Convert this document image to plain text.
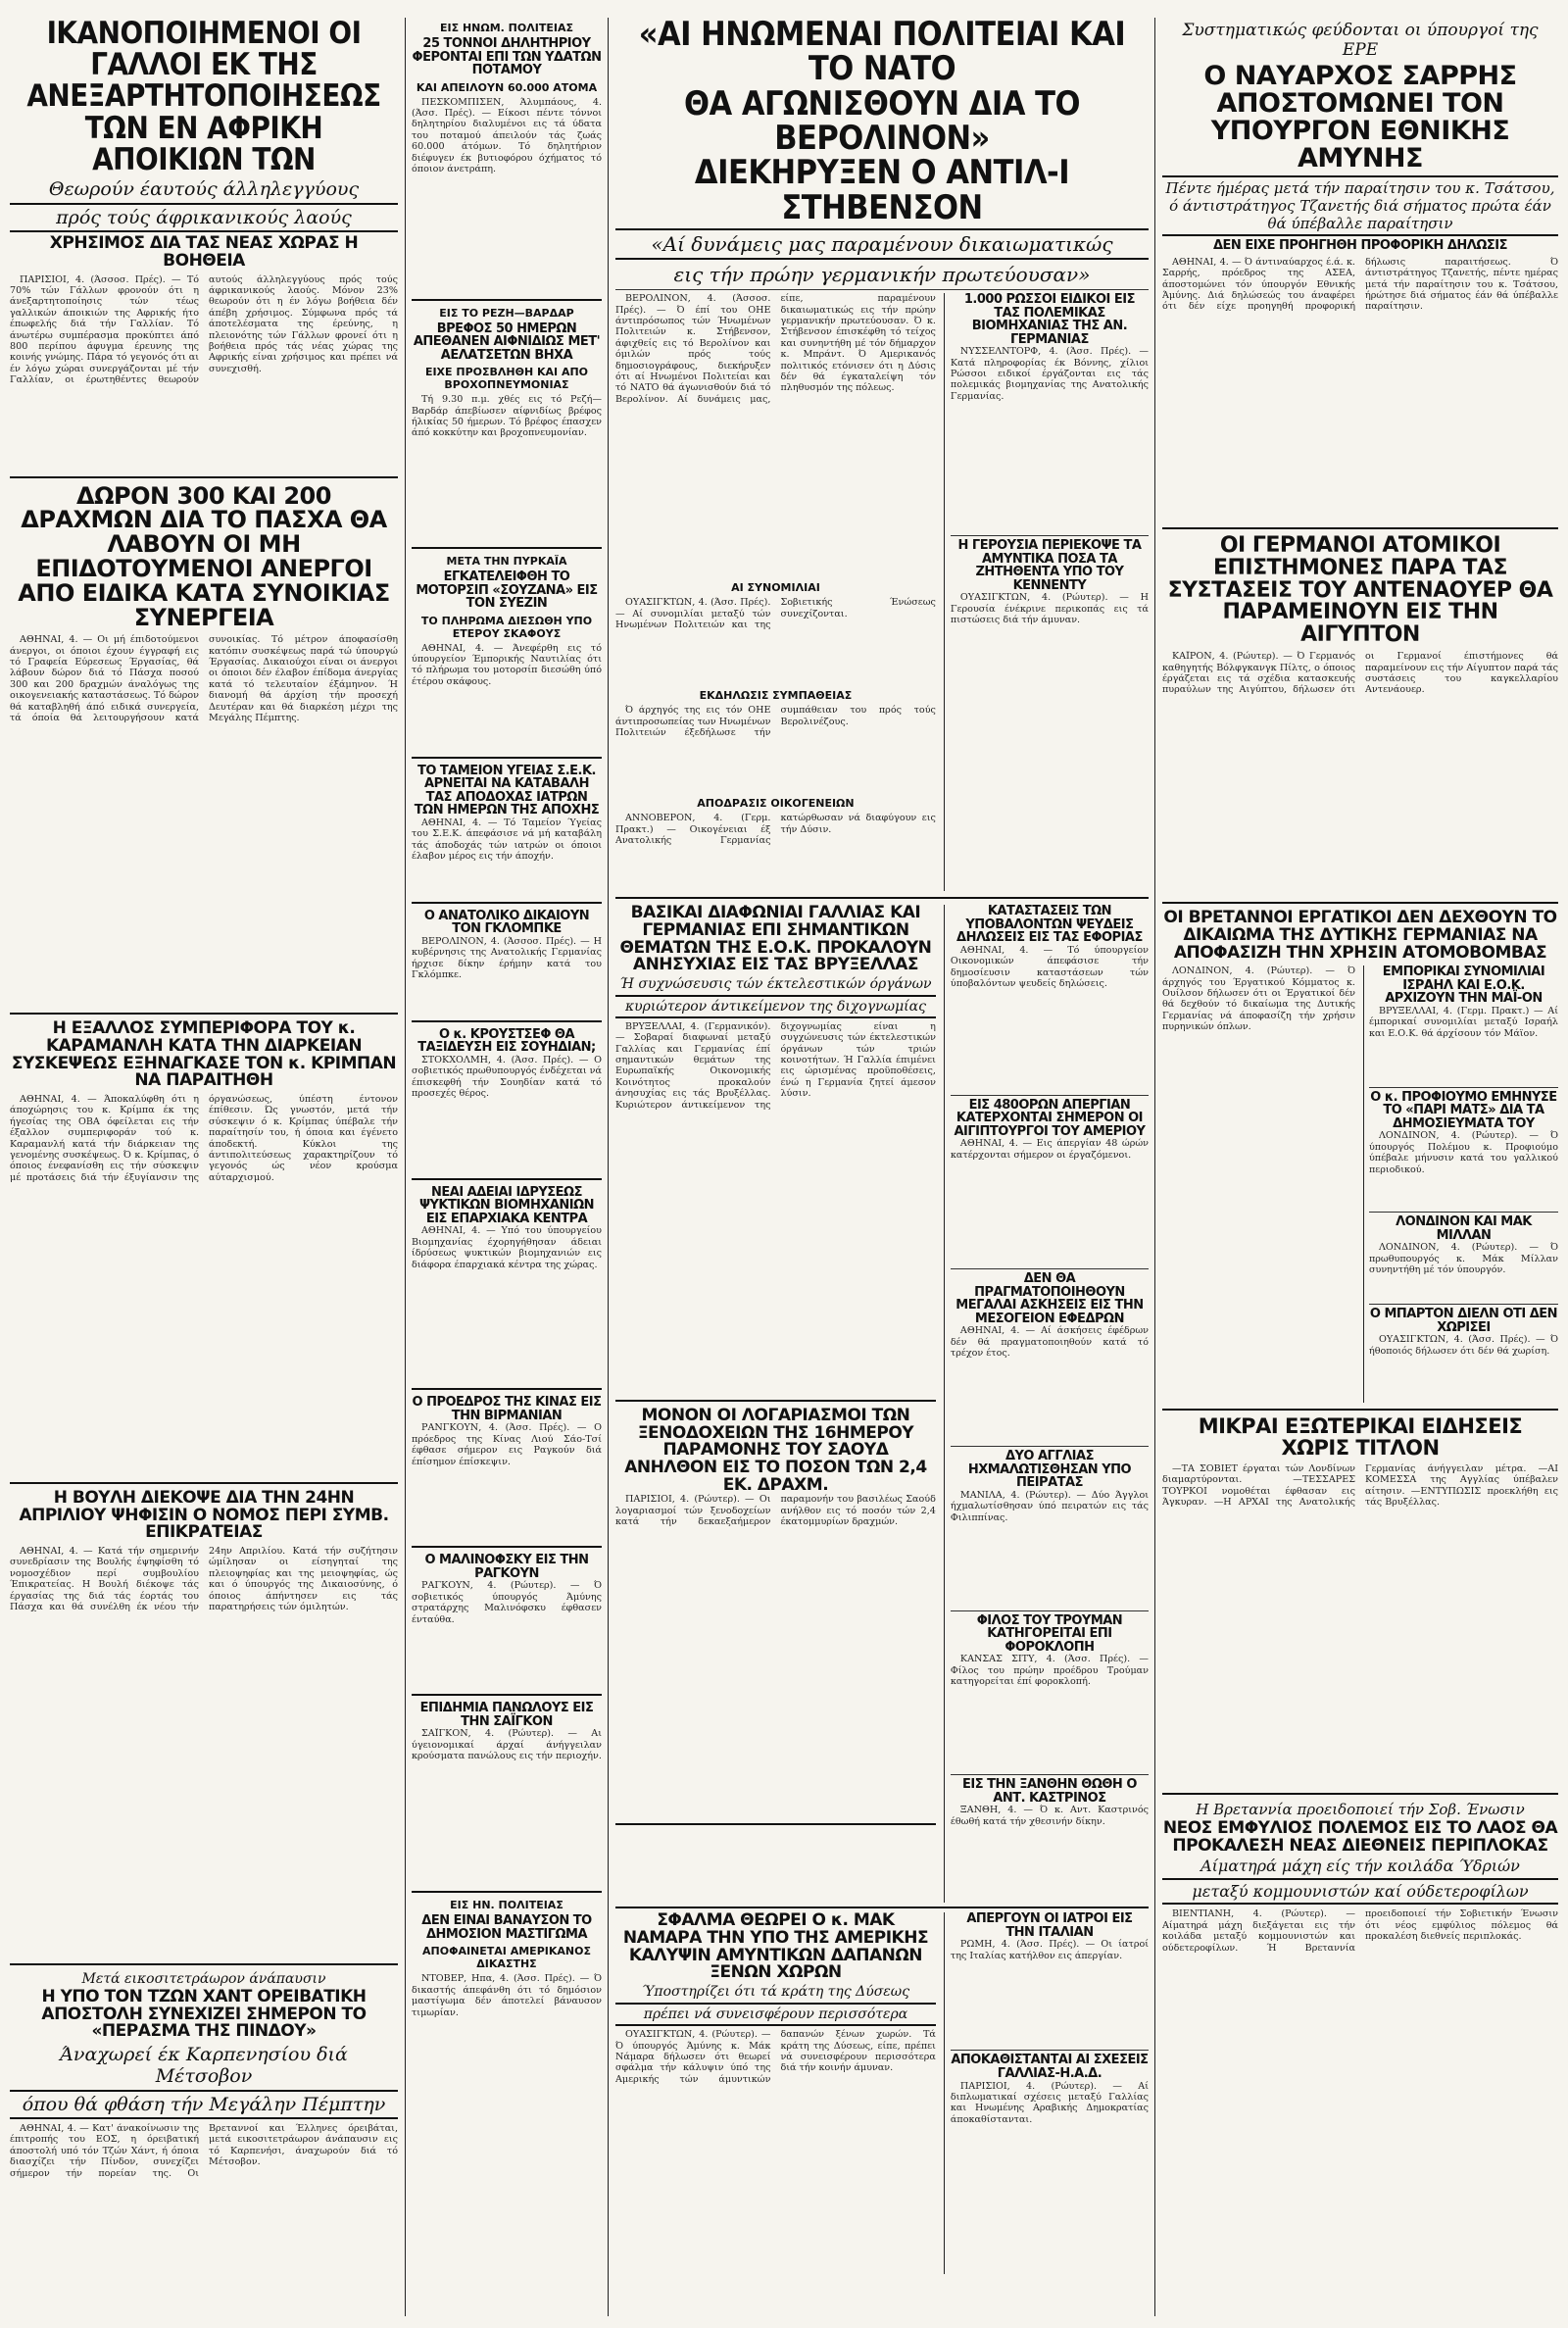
ΙΚΑΝΟΠΟΙΗΜΕΝΟΙ ΟΙ ΓΑΛΛΟΙ ΕΚ ΤΗΣ ΑΝΕΞΑΡΤΗΤΟΠΟΙΗΣΕΩΣ ΤΩΝ ΕΝ ΑΦΡΙΚΗ ΑΠΟΙΚΙΩΝ ΤΩΝ
Θεωρούν έαυτούς άλληλεγγύους
πρός τούς άφρικανικούς λαούς
ΧΡΗΣΙΜΟΣ ΔΙΑ ΤΑΣ ΝΕΑΣ ΧΩΡΑΣ Η ΒΟΗΘΕΙΑ

ΠΑΡΙΣΙΟΙ, 4. (Άσσοσ. Πρές). — Τό 70% τών Γάλλων φρονούν ότι η άνεξαρτητοποίησις τών τέως γαλλικών άποικιών της Αφρικής ήτο έπωφελής διά τήν Γαλλίαν. Τό άνωτέρω συμπέρασμα προκύπτει άπό 800 περίπου άφυγμα έρευνης της κοινής γνώμης. Πάρα τό γεγονός ότι αι έν λόγω χώραι συνεργάζονται μέ τήν Γαλλίαν, οι έρωτηθέντες θεωρούν αυτούς άλληλεγγύους πρός τούς άφρικανικούς λαούς. Μόνον 23% θεωρούν ότι η έν λόγω βοήθεια δέν άπέβη χρήσιμος. Σύμφωνα πρός τά άποτελέσματα της έρεύνης, η πλειονότης τών Γάλλων φρονεί ότι η βοήθεια πρός τάς νέας χώρας της Αφρικής είναι χρήσιμος και πρέπει νά συνεχισθή.

ΔΩΡΟΝ 300 ΚΑΙ 200 ΔΡΑΧΜΩΝ ΔΙΑ ΤΟ ΠΑΣΧΑ ΘΑ ΛΑΒΟΥΝ ΟΙ ΜΗ ΕΠΙΔΟΤΟΥΜΕΝΟΙ ΑΝΕΡΓΟΙ ΑΠΟ ΕΙΔΙΚΑ ΚΑΤΑ ΣΥΝΟΙΚΙΑΣ ΣΥΝΕΡΓΕΙΑ

ΑΘΗΝΑΙ, 4. — Οι μή έπιδοτούμενοι άνεργοι, οι όποιοι έχουν έγγραφή εις τό Γραφεία Εύρεσεως Έργασίας, θά λάβουν δώρον διά τό Πάσχα ποσού 300 και 200 δραχμών άναλόγως της οικογενειακής καταστάσεως. Τό δώρον θά καταβληθή άπό ειδικά συνεργεία, τά όποία θά λειτουργήσουν κατά συνοικίας. Τό μέτρον άποφασίσθη κατόπιν συσκέψεως παρά τώ ύπουργώ Έργασίας. Δικαιούχοι είναι οι άνεργοι οι όποιοι δέν έλαβον έπίδομα άνεργίας κατά τό τελευταίον έξάμηνον. Ή διανομή θά άρχίση τήν προσεχή Δευτέραν και θά διαρκέση μέχρι της Μεγάλης Πέμπτης.

Η ΕΞΑΛΛΟΣ ΣΥΜΠΕΡΙΦΟΡΑ ΤΟΥ κ. ΚΑΡΑΜΑΝΛΗ ΚΑΤΑ ΤΗΝ ΔΙΑΡΚΕΙΑΝ ΣΥΣΚΕΨΕΩΣ ΕΞΗΝΑΓΚΑΣΕ ΤΟΝ κ. ΚΡΙΜΠΑΝ ΝΑ ΠΑΡΑΙΤΗΘΗ

ΑΘΗΝΑΙ, 4. — Άποκαλύφθη ότι η άποχώρησις του κ. Κρίμπα έκ της ήγεσίας της ΟΒΑ όφείλεται εις τήν έξαλλον συμπεριφοράν τού κ. Καραμανλή κατά τήν διάρκειαν της γενομένης συσκέψεως. Ό κ. Κρίμπας, ό όποιος ένεφανίσθη εις τήν σύσκεψιν μέ προτάσεις διά τήν έξυγίανσιν της όργανώσεως, ύπέστη έντονον έπίθεσιν. Ώς γνωστόν, μετά τήν σύσκεψιν ό κ. Κρίμπας ύπέβαλε τήν παραίτησίν του, ή όποια και έγένετο άποδεκτή. Κύκλοι της άντιπολιτεύσεως χαρακτηρίζουν τό γεγονός ώς νέον κρούσμα αύταρχισμού.

Η ΒΟΥΛΗ ΔΙΕΚΟΨΕ ΔΙΑ ΤΗΝ 24ΗΝ ΑΠΡΙΛΙΟΥ ΨΗΦΙΣΙΝ Ο ΝΟΜΟΣ ΠΕΡΙ ΣΥΜΒ. ΕΠΙΚΡΑΤΕΙΑΣ

ΑΘΗΝΑΙ, 4. — Κατά τήν σημερινήν συνεδρίασιν της Βουλής έψηφίσθη τό νομοσχέδιον περί συμβουλίου Έπικρατείας. Η Βουλή διέκοψε τάς έργασίας της διά τάς έορτάς του Πάσχα και θά συνέλθη έκ νέου τήν 24ην Απριλίου. Κατά τήν συζήτησιν ώμίλησαν οι είσηγηταί της πλειοψηφίας και της μειοψηφίας, ώς και ό ύπουργός της Δικαιοσύνης, ό όποιος άπήντησεν εις τάς παρατηρήσεις τών όμιλητών.

Μετά εικοσιτετράωρον άνάπαυσιν
Η ΥΠΟ ΤΟΝ ΤΖΩΝ ΧΑΝΤ ΟΡΕΙΒΑΤΙΚΗ ΑΠΟΣΤΟΛΗ ΣΥΝΕΧΙΖΕΙ ΣΗΜΕΡΟΝ ΤΟ «ΠΕΡΑΣΜΑ ΤΗΣ ΠΙΝΔΟΥ»
Άναχωρεί έκ Καρπενησίου διά Μέτσοβον
όπου θά φθάση τήν Μεγάλην Πέμπτην

ΑΘΗΝΑΙ, 4. — Κατ' άνακοίνωσιν της έπιτροπής του ΕΟΣ, η όρειβατική άποστολή υπό τόν Τζών Χάντ, ή όποια διασχίζει τήν Πίνδον, συνεχίζει σήμερον τήν πορείαν της. Οι Βρεταννοί και Έλληνες όρειβάται, μετά εικοσιτετράωρον άνάπαυσιν εις τό Καρπενήσι, άναχωρούν διά τό Μέτσοβον.

ΕΙΣ ΗΝΩΜ. ΠΟΛΙΤΕΙΑΣ
25 ΤΟΝΝΟΙ ΔΗΛΗΤΗΡΙΟΥ ΦΕΡΟΝΤΑΙ ΕΠΙ ΤΩΝ ΥΔΑΤΩΝ ΠΟΤΑΜΟΥ
ΚΑΙ ΑΠΕΙΛΟΥΝ 60.000 ΑΤΟΜΑ

ΠΕΣΚΟΜΠΙΣΕΝ, Άλυμπάους, 4. (Άσσ. Πρές). — Είκοσι πέντε τόννοι δηλητηρίου διαλυμένοι εις τά ύδατα του ποταμού άπειλούν τάς ζωάς 60.000 άτόμων. Τό δηλητήριον διέφυγεν έκ βυτιοφόρου όχήματος τό όποιον άνετράπη.

ΕΙΣ ΤΟ ΡΕΖΗ—ΒΑΡΔΑΡ
ΒΡΕΦΟΣ 50 ΗΜΕΡΩΝ ΑΠΕΘΑΝΕΝ ΑΙΦΝΙΔΙΩΣ ΜΕΤ' ΑΕΛΑΤΣΕΤΩΝ ΒΗΧΑ
ΕΙΧΕ ΠΡΟΣΒΛΗΘΗ ΚΑΙ ΑΠΟ ΒΡΟΧΟΠΝΕΥΜΟΝΙΑΣ

Τή 9.30 π.μ. χθές εις τό Ρεζή—Βαρδάρ άπεβίωσεν αίφνιδίως βρέφος ήλικίας 50 ήμερων. Τό βρέφος έπασχεν άπό κοκκύτην και βροχοπνευμονίαν.

ΜΕΤΑ ΤΗΝ ΠΥΡΚΑΪΑ
ΕΓΚΑΤΕΛΕΙΦΘΗ ΤΟ ΜΟΤΟΡΣΙΠ «ΣΟΥΖΑΝΑ» ΕΙΣ ΤΟΝ ΣΥΕΖΙΝ
ΤΟ ΠΛΗΡΩΜΑ ΔΙΕΣΩΘΗ ΥΠΟ ΕΤΕΡΟΥ ΣΚΑΦΟΥΣ

ΑΘΗΝΑΙ, 4. — Άνεφέρθη εις τό ύπουργείον Έμπορικής Ναυτιλίας ότι τό πλήρωμα του μοτορσίπ διεσώθη ύπό έτέρου σκάφους.

ΤΟ ΤΑΜΕΙΟΝ ΥΓΕΙΑΣ Σ.Ε.Κ. ΑΡΝΕΙΤΑΙ ΝΑ ΚΑΤΑΒΑΛΗ ΤΑΣ ΑΠΟΔΟΧΑΣ ΙΑΤΡΩΝ ΤΩΝ ΗΜΕΡΩΝ ΤΗΣ ΑΠΟΧΗΣ

ΑΘΗΝΑΙ, 4. — Τό Ταμείον Ύγείας του Σ.Ε.Κ. άπεφάσισε νά μή καταβάλη τάς άποδοχάς τών ιατρών οι όποιοι έλαβον μέρος εις τήν άποχήν.

Ο ΑΝΑΤΟΛΙΚΟ ΔΙΚΑΙΟΥΝ ΤΟΝ ΓΚΛΟΜΠΚΕ

ΒΕΡΟΛΙΝΟΝ, 4. (Άσσοσ. Πρές). — Η κυβέρνησις της Ανατολικής Γερμανίας ήρχισε δίκην έρήμην κατά του Γκλόμπκε.

Ο κ. ΚΡΟΥΣΤΣΕΦ ΘΑ ΤΑΞΙΔΕΥΣΗ ΕΙΣ ΣΟΥΗΔΙΑΝ;

ΣΤΟΚΧΟΛΜΗ, 4. (Άσσ. Πρές). — Ο σοβιετικός πρωθυπουργός ένδέχεται νά έπισκεφθή τήν Σουηδίαν κατά τό προσεχές θέρος.

ΝΕΑΙ ΑΔΕΙΑΙ ΙΔΡΥΣΕΩΣ ΨΥΚΤΙΚΩΝ ΒΙΟΜΗΧΑΝΙΩΝ ΕΙΣ ΕΠΑΡΧΙΑΚΑ ΚΕΝΤΡΑ

ΑΘΗΝΑΙ, 4. — Υπό του ύπουργείου Βιομηχανίας έχορηγήθησαν άδειαι ίδρύσεως ψυκτικών βιομηχανιών εις διάφορα έπαρχιακά κέντρα της χώρας.

Ο ΠΡΟΕΔΡΟΣ ΤΗΣ ΚΙΝΑΣ ΕΙΣ ΤΗΝ ΒΙΡΜΑΝΙΑΝ

ΡΑΝΓΚΟΥΝ, 4. (Άσσ. Πρές). — Ο πρόεδρος της Κίνας Λιού Σάο-Τσί έφθασε σήμερον εις Ραγκούν διά έπίσημον έπίσκεψιν.

Ο ΜΑΛΙΝΟΦΣΚΥ ΕΙΣ ΤΗΝ ΡΑΓΚΟΥΝ

ΡΑΓΚΟΥΝ, 4. (Ρώυτερ). — Ό σοβιετικός ύπουργός Άμύνης στρατάρχης Μαλινόφσκυ έφθασεν ένταύθα.

ΕΠΙΔΗΜΙΑ ΠΑΝΩΛΟΥΣ ΕΙΣ ΤΗΝ ΣΑΪΓΚΟΝ

ΣΑΪΓΚΟΝ, 4. (Ρώυτερ). — Αι ύγειονομικαί άρχαί άνήγγειλαν κρούσματα πανώλους εις τήν περιοχήν.

ΕΙΣ ΗΝ. ΠΟΛΙΤΕΙΑΣ
ΔΕΝ ΕΙΝΑΙ ΒΑΝΑΥΣΟΝ ΤΟ ΔΗΜΟΣΙΟΝ ΜΑΣΤΙΓΩΜΑ
ΑΠΟΦΑΙΝΕΤΑΙ ΑΜΕΡΙΚΑΝΟΣ ΔΙΚΑΣΤΗΣ

ΝΤΟΒΕΡ, Ηπα, 4. (Άσσ. Πρές). — Ό δικαστής άπεφάνθη ότι τό δημόσιον μαστίγωμα δέν άποτελεί βάναυσον τιμωρίαν.

«ΑΙ ΗΝΩΜΕΝΑΙ ΠΟΛΙΤΕΙΑΙ ΚΑΙ ΤΟ ΝΑΤΟ
ΘΑ ΑΓΩΝΙΣΘΟΥΝ ΔΙΑ ΤΟ ΒΕΡΟΛΙΝΟΝ»
ΔΙΕΚΗΡΥΞΕΝ Ο ΑΝΤΙΛ-Ι ΣΤΗΒΕΝΣΟΝ
«Αί δυνάμεις μας παραμένουν δικαιωματικώς
εις τήν πρώην γερμανικήν πρωτεύουσαν»

ΒΕΡΟΛΙΝΟΝ, 4. (Άσσοσ. Πρές). — Ό έπί του ΟΗΕ άντιπρόσωπος τών Ήνωμένων Πολιτειών κ. Στήβενσον, άφιχθείς εις τό Βερολίνον και όμιλών πρός τούς δημοσιογράφους, διεκήρυξεν ότι αί Ηνωμένοι Πολιτείαι και τό ΝΑΤΟ θά άγωνισθούν διά τό Βερολίνον. Αί δυνάμεις μας, είπε, παραμένουν δικαιωματικώς εις τήν πρώην γερμανικήν πρωτεύουσαν. Ό κ. Στήβενσον έπισκέφθη τό τείχος και συνηντήθη μέ τόν δήμαρχον κ. Μπράντ. Ό Αμερικανός πολιτικός ετόνισεν ότι η Δύσις δέν θά έγκαταλείψη τόν πληθυσμόν της πόλεως.

ΑΙ ΣΥΝΟΜΙΛΙΑΙ

ΟΥΑΣΙΓΚΤΩΝ, 4. (Άσσ. Πρές). — Αί συνομιλίαι μεταξύ τών Ηνωμένων Πολιτειών και της Σοβιετικής Ένώσεως συνεχίζονται.

ΕΚΔΗΛΩΣΙΣ ΣΥΜΠΑΘΕΙΑΣ

Ό άρχηγός της εις τόν ΟΗΕ άντιπροσωπείας των Ηνωμένων Πολιτειών έξεδήλωσε τήν συμπάθειαν του πρός τούς Βερολινέζους.

ΑΠΟΔΡΑΣΙΣ ΟΙΚΟΓΕΝΕΙΩΝ

ΑΝΝΟΒΕΡΟΝ, 4. (Γερμ. Πρακτ.) — Οικογένειαι έξ Ανατολικής Γερμανίας κατώρθωσαν νά διαφύγουν εις τήν Δύσιν.

1.000 ΡΩΣΣΟΙ ΕΙΔΙΚΟΙ ΕΙΣ ΤΑΣ ΠΟΛΕΜΙΚΑΣ ΒΙΟΜΗΧΑΝΙΑΣ ΤΗΣ ΑΝ. ΓΕΡΜΑΝΙΑΣ

ΝΥΣΣΕΛΝΤΟΡΦ, 4. (Άσσ. Πρές). — Κατά πληροφορίας έκ Βόννης, χίλιοι Ρώσσοι ειδικοί έργάζονται εις τάς πολεμικάς βιομηχανίας της Ανατολικής Γερμανίας.

Η ΓΕΡΟΥΣΙΑ ΠΕΡΙΕΚΟΨΕ ΤΑ ΑΜΥΝΤΙΚΑ ΠΟΣΑ ΤΑ ΖΗΤΗΘΕΝΤΑ ΥΠΟ ΤΟΥ ΚΕΝΝΕΝΤΥ

ΟΥΑΣΙΓΚΤΩΝ, 4. (Ρώυτερ). — Η Γερουσία ένέκρινε περικοπάς εις τά πιστώσεις διά τήν άμυναν.

ΒΑΣΙΚΑΙ ΔΙΑΦΩΝΙΑΙ ΓΑΛΛΙΑΣ ΚΑΙ ΓΕΡΜΑΝΙΑΣ ΕΠΙ ΣΗΜΑΝΤΙΚΩΝ ΘΕΜΑΤΩΝ ΤΗΣ Ε.Ο.Κ. ΠΡΟΚΑΛΟΥΝ ΑΝΗΣΥΧΙΑΣ ΕΙΣ ΤΑΣ ΒΡΥΞΕΛΛΑΣ
Ή συχνώσευσις τών έκτελεστικών όργάνων
κυριώτερον άντικείμενον της διχογνωμίας

ΒΡΥΞΕΛΛΑΙ, 4. (Γερμανικόν). — Σοβαραί διαφωναί μεταξύ Γαλλίας και Γερμανίας έπί σημαντικών θεμάτων της Ευρωπαϊκής Οικονομικής Κοινότητος προκαλούν άνησυχίας εις τάς Βρυξέλλας. Κυριώτερον άντικείμενον της διχογνωμίας είναι η συγχώνευσις τών έκτελεστικών όργάνων τών τριών κοινοτήτων. Ή Γαλλία έπιμένει εις ώρισμένας προϋποθέσεις, ένώ η Γερμανία ζητεί άμεσον λύσιν.

ΜΟΝΟΝ ΟΙ ΛΟΓΑΡΙΑΣΜΟΙ ΤΩΝ ΞΕΝΟΔΟΧΕΙΩΝ ΤΗΣ 16ΗΜΕΡΟΥ ΠΑΡΑΜΟΝΗΣ ΤΟΥ ΣΑΟΥΔ ΑΝΗΛΘΟΝ ΕΙΣ ΤΟ ΠΟΣΟΝ ΤΩΝ 2,4 ΕΚ. ΔΡΑΧΜ.

ΠΑΡΙΣΙΟΙ, 4. (Ρώυτερ). — Οι λογαριασμοί τών ξενοδοχείων κατά τήν δεκαεξαήμερον παραμονήν του βασιλέως Σαούδ ανήλθον εις τό ποσόν τών 2,4 έκατομμυρίων δραχμών.

ΚΑΤΑΣΤΑΣΕΙΣ ΤΩΝ ΥΠΟΒΑΛΟΝΤΩΝ ΨΕΥΔΕΙΣ ΔΗΛΩΣΕΙΣ ΕΙΣ ΤΑΣ ΕΦΟΡΙΑΣ

ΑΘΗΝΑΙ, 4. — Τό ύπουργείον Οικονομικών άπεφάσισε τήν δημοσίευσιν καταστάσεων τών ύποβαλόντων ψευδείς δηλώσεις.

ΕΙΣ 480ΟΡΩΝ ΑΠΕΡΓΙΑΝ ΚΑΤΕΡΧΟΝΤΑΙ ΣΗΜΕΡΟΝ ΟΙ ΑΙΓΙΠΤΟΥΡΓΟΙ ΤΟΥ ΑΜΕΡΙΟΥ

ΑΘΗΝΑΙ, 4. — Εις άπεργίαν 48 ώρών κατέρχονται σήμερον οι έργαζόμενοι.

ΔΕΝ ΘΑ ΠΡΑΓΜΑΤΟΠΟΙΗΘΟΥΝ ΜΕΓΑΛΑΙ ΑΣΚΗΣΕΙΣ ΕΙΣ ΤΗΝ ΜΕΣΟΓΕΙΟΝ ΕΦΕΔΡΩΝ

ΑΘΗΝΑΙ, 4. — Αί άσκήσεις έφέδρων δέν θά πραγματοποιηθούν κατά τό τρέχον έτος.

ΔΥΟ ΑΓΓΛΙΑΣ ΗΧΜΑΛΩΤΙΣΘΗΣΑΝ ΥΠΟ ΠΕΙΡΑΤΑΣ

ΜΑΝΙΛΑ, 4. (Ρώυτερ). — Δύο Άγγλοι ήχμαλωτίσθησαν ύπό πειρατών εις τάς Φιλιππίνας.

ΦΙΛΟΣ ΤΟΥ ΤΡΟΥΜΑΝ ΚΑΤΗΓΟΡΕΙΤΑΙ ΕΠΙ ΦΟΡΟΚΛΟΠΗ

ΚΑΝΣΑΣ ΣΙΤΥ, 4. (Άσσ. Πρές). — Φίλος του πρώην προέδρου Τρούμαν κατηγορείται έπί φοροκλοπή.

ΕΙΣ ΤΗΝ ΞΑΝΘΗΝ ΘΩΘΗ Ο ΑΝΤ. ΚΑΣΤΡΙΝΟΣ

ΞΑΝΘΗ, 4. — Ό κ. Αντ. Καστρινός έθωθή κατά τήν χθεσινήν δίκην.

ΣΦΑΛΜΑ ΘΕΩΡΕΙ Ο κ. ΜΑΚ ΝΑΜΑΡΑ ΤΗΝ ΥΠΟ ΤΗΣ ΑΜΕΡΙΚΗΣ ΚΑΛΥΨΙΝ ΑΜΥΝΤΙΚΩΝ ΔΑΠΑΝΩΝ ΞΕΝΩΝ ΧΩΡΩΝ
Ύποστηρίζει ότι τά κράτη της Δύσεως
πρέπει νά συνεισφέρουν περισσότερα

ΟΥΑΣΙΓΚΤΩΝ, 4. (Ρώυτερ). — Ό ύπουργός Άμύνης κ. Μάκ Νάμαρα δήλωσεν ότι θεωρεί σφάλμα τήν κάλυψιν ύπό της Αμερικής τών άμυντικών δαπανών ξένων χωρών. Τά κράτη της Δύσεως, είπε, πρέπει νά συνεισφέρουν περισσότερα διά τήν κοινήν άμυναν.

ΑΠΕΡΓΟΥΝ ΟΙ ΙΑΤΡΟΙ ΕΙΣ ΤΗΝ ΙΤΑΛΙΑΝ

ΡΩΜΗ, 4. (Άσσ. Πρές). — Οι ίατροί της Ιταλίας κατήλθον εις άπεργίαν.

ΑΠΟΚΑΘΙΣΤΑΝΤΑΙ ΑΙ ΣΧΕΣΕΙΣ ΓΑΛΛΙΑΣ-Η.Α.Δ.

ΠΑΡΙΣΙΟΙ, 4. (Ρώυτερ). — Αί διπλωματικαί σχέσεις μεταξύ Γαλλίας και Ηνωμένης Αραβικής Δημοκρατίας άποκαθίστανται.

Συστηματικώς φεύδονται οι ύπουργοί της ΕΡΕ
Ο ΝΑΥΑΡΧΟΣ ΣΑΡΡΗΣ ΑΠΟΣΤΟΜΩΝΕΙ ΤΟΝ ΥΠΟΥΡΓΟΝ ΕΘΝΙΚΗΣ ΑΜΥΝΗΣ
Πέντε ήμέρας μετά τήν παραίτησιν του κ. Τσάτσου, ό άντιστράτηγος Τζανετής διά σήματος πρώτα έάν θά ύπέβαλλε παραίτησιν
ΔΕΝ ΕΙΧΕ ΠΡΟΗΓΗΘΗ ΠΡΟΦΟΡΙΚΗ ΔΗΛΩΣΙΣ

ΑΘΗΝΑΙ, 4. — Ό άντιναύαρχος έ.ά. κ. Σαρρής, πρόεδρος της ΑΣΕΑ, άποστομώνει τόν ύπουργόν Εθνικής Άμύνης. Διά δηλώσεώς του άναφέρει ότι δέν είχε προηγηθή προφορική δήλωσις παραιτήσεως. Ό άντιστράτηγος Τζανετής, πέντε ημέρας μετά τήν παραίτησιν του κ. Τσάτσου, ήρώτησε διά σήματος έάν θά ύπέβαλλε παραίτησιν.

ΟΙ ΓΕΡΜΑΝΟΙ ΑΤΟΜΙΚΟΙ ΕΠΙΣΤΗΜΟΝΕΣ ΠΑΡΑ ΤΑΣ ΣΥΣΤΑΣΕΙΣ ΤΟΥ ΑΝΤΕΝΑΟΥΕΡ ΘΑ ΠΑΡΑΜΕΙΝΟΥΝ ΕΙΣ ΤΗΝ ΑΙΓΥΠΤΟΝ

ΚΑΪΡΟΝ, 4. (Ρώυτερ). — Ό Γερμανός καθηγητής Βόλφγκανγκ Πίλτς, ο όποιος έργάζεται εις τά σχέδια κατασκευής πυραύλων της Αιγύπτου, δήλωσεν ότι οι Γερμανοί έπιστήμονες θά παραμείνουν εις τήν Αίγυπτον παρά τάς συστάσεις του καγκελλαρίου Αντενάουερ.

ΟΙ ΒΡΕΤΑΝΝΟΙ ΕΡΓΑΤΙΚΟΙ ΔΕΝ ΔΕΧΘΟΥΝ ΤΟ ΔΙΚΑΙΩΜΑ ΤΗΣ ΔΥΤΙΚΗΣ ΓΕΡΜΑΝΙΑΣ ΝΑ ΑΠΟΦΑΣΙΖΗ ΤΗΝ ΧΡΗΣΙΝ ΑΤΟΜΟΒΟΜΒΑΣ

ΛΟΝΔΙΝΟΝ, 4. (Ρώυτερ). — Ό άρχηγός του Έργατικού Κόμματος κ. Ουίλσον δήλωσεν ότι οι Έργατικοί δέν θά δεχθούν τό δικαίωμα της Δυτικής Γερμανίας νά άποφασίζη τήν χρήσιν πυρηνικών όπλων.

ΕΜΠΟΡΙΚΑΙ ΣΥΝΟΜΙΛΙΑΙ ΙΣΡΑΗΛ ΚΑΙ Ε.Ο.Κ. ΑΡΧΙΖΟΥΝ ΤΗΝ ΜΑΪ-ΟΝ

ΒΡΥΞΕΛΛΑΙ, 4. (Γερμ. Πρακτ.) — Αί έμπορικαί συνομιλίαι μεταξύ Ισραήλ και Ε.Ο.Κ. θά άρχίσουν τόν Μάϊον.

Ο κ. ΠΡΟΦΙΟΥΜΟ ΕΜΗΝΥΣΕ ΤΟ «ΠΑΡΙ ΜΑΤΣ» ΔΙΑ ΤΑ ΔΗΜΟΣΙΕΥΜΑΤΑ ΤΟΥ

ΛΟΝΔΙΝΟΝ, 4. (Ρώυτερ). — Ό ύπουργός Πολέμου κ. Προφιούμο ύπέβαλε μήνυσιν κατά του γαλλικού περιοδικού.

ΛΟΝΔΙΝΟΝ ΚΑΙ ΜΑΚ ΜΙΛΛΑΝ

ΛΟΝΔΙΝΟΝ, 4. (Ρώυτερ). — Ό πρωθυπουργός κ. Μάκ Μίλλαν συνηντήθη μέ τόν ύπουργόν.

Ο ΜΠΑΡΤΟΝ ΔΙΕΛΝ ΟΤΙ ΔΕΝ ΧΩΡΙΣΕΙ

ΟΥΑΣΙΓΚΤΩΝ, 4. (Άσσ. Πρές). — Ό ήθοποιός δήλωσεν ότι δέν θά χωρίση.

ΜΙΚΡΑΙ ΕΞΩΤΕΡΙΚΑΙ ΕΙΔΗΣΕΙΣ ΧΩΡΙΣ ΤΙΤΛΟΝ

—ΤΑ ΣΟΒΙΕΤ έργαται τών Λονδίνων διαμαρτύρονται. —ΤΕΣΣΑΡΕΣ ΤΟΥΡΚΟΙ νομοθέται έφθασαν εις Άγκυραν. —Η ΑΡΧΑΙ της Ανατολικής Γερμανίας άνήγγειλαν μέτρα. —ΑΙ ΚΟΜΕΣΣΑ της Αγγλίας ύπέβαλεν αίτησιν. —ΕΝΤΥΠΩΣΙΣ προεκλήθη εις τάς Βρυξέλλας.

Η Βρεταννία προειδοποιεί τήν Σοβ. Ένωσιν
ΝΕΟΣ ΕΜΦΥΛΙΟΣ ΠΟΛΕΜΟΣ ΕΙΣ ΤΟ ΛΑΟΣ ΘΑ ΠΡΟΚΑΛΕΣΗ ΝΕΑΣ ΔΙΕΘΝΕΙΣ ΠΕΡΙΠΛΟΚΑΣ
Αίματηρά μάχη είς τήν κοιλάδα Ύδριών
μεταξύ κομμουνιστών καί ούδετεροφίλων

ΒΙΕΝΤΙΑΝΗ, 4. (Ρώυτερ). — Αίματηρά μάχη διεξάγεται εις τήν κοιλάδα μεταξύ κομμουνιστών και ούδετεροφίλων. Ή Βρεταννία προειδοποιεί τήν Σοβιετικήν Ένωσιν ότι νέος εμφύλιος πόλεμος θά προκαλέση διεθνείς περιπλοκάς.
